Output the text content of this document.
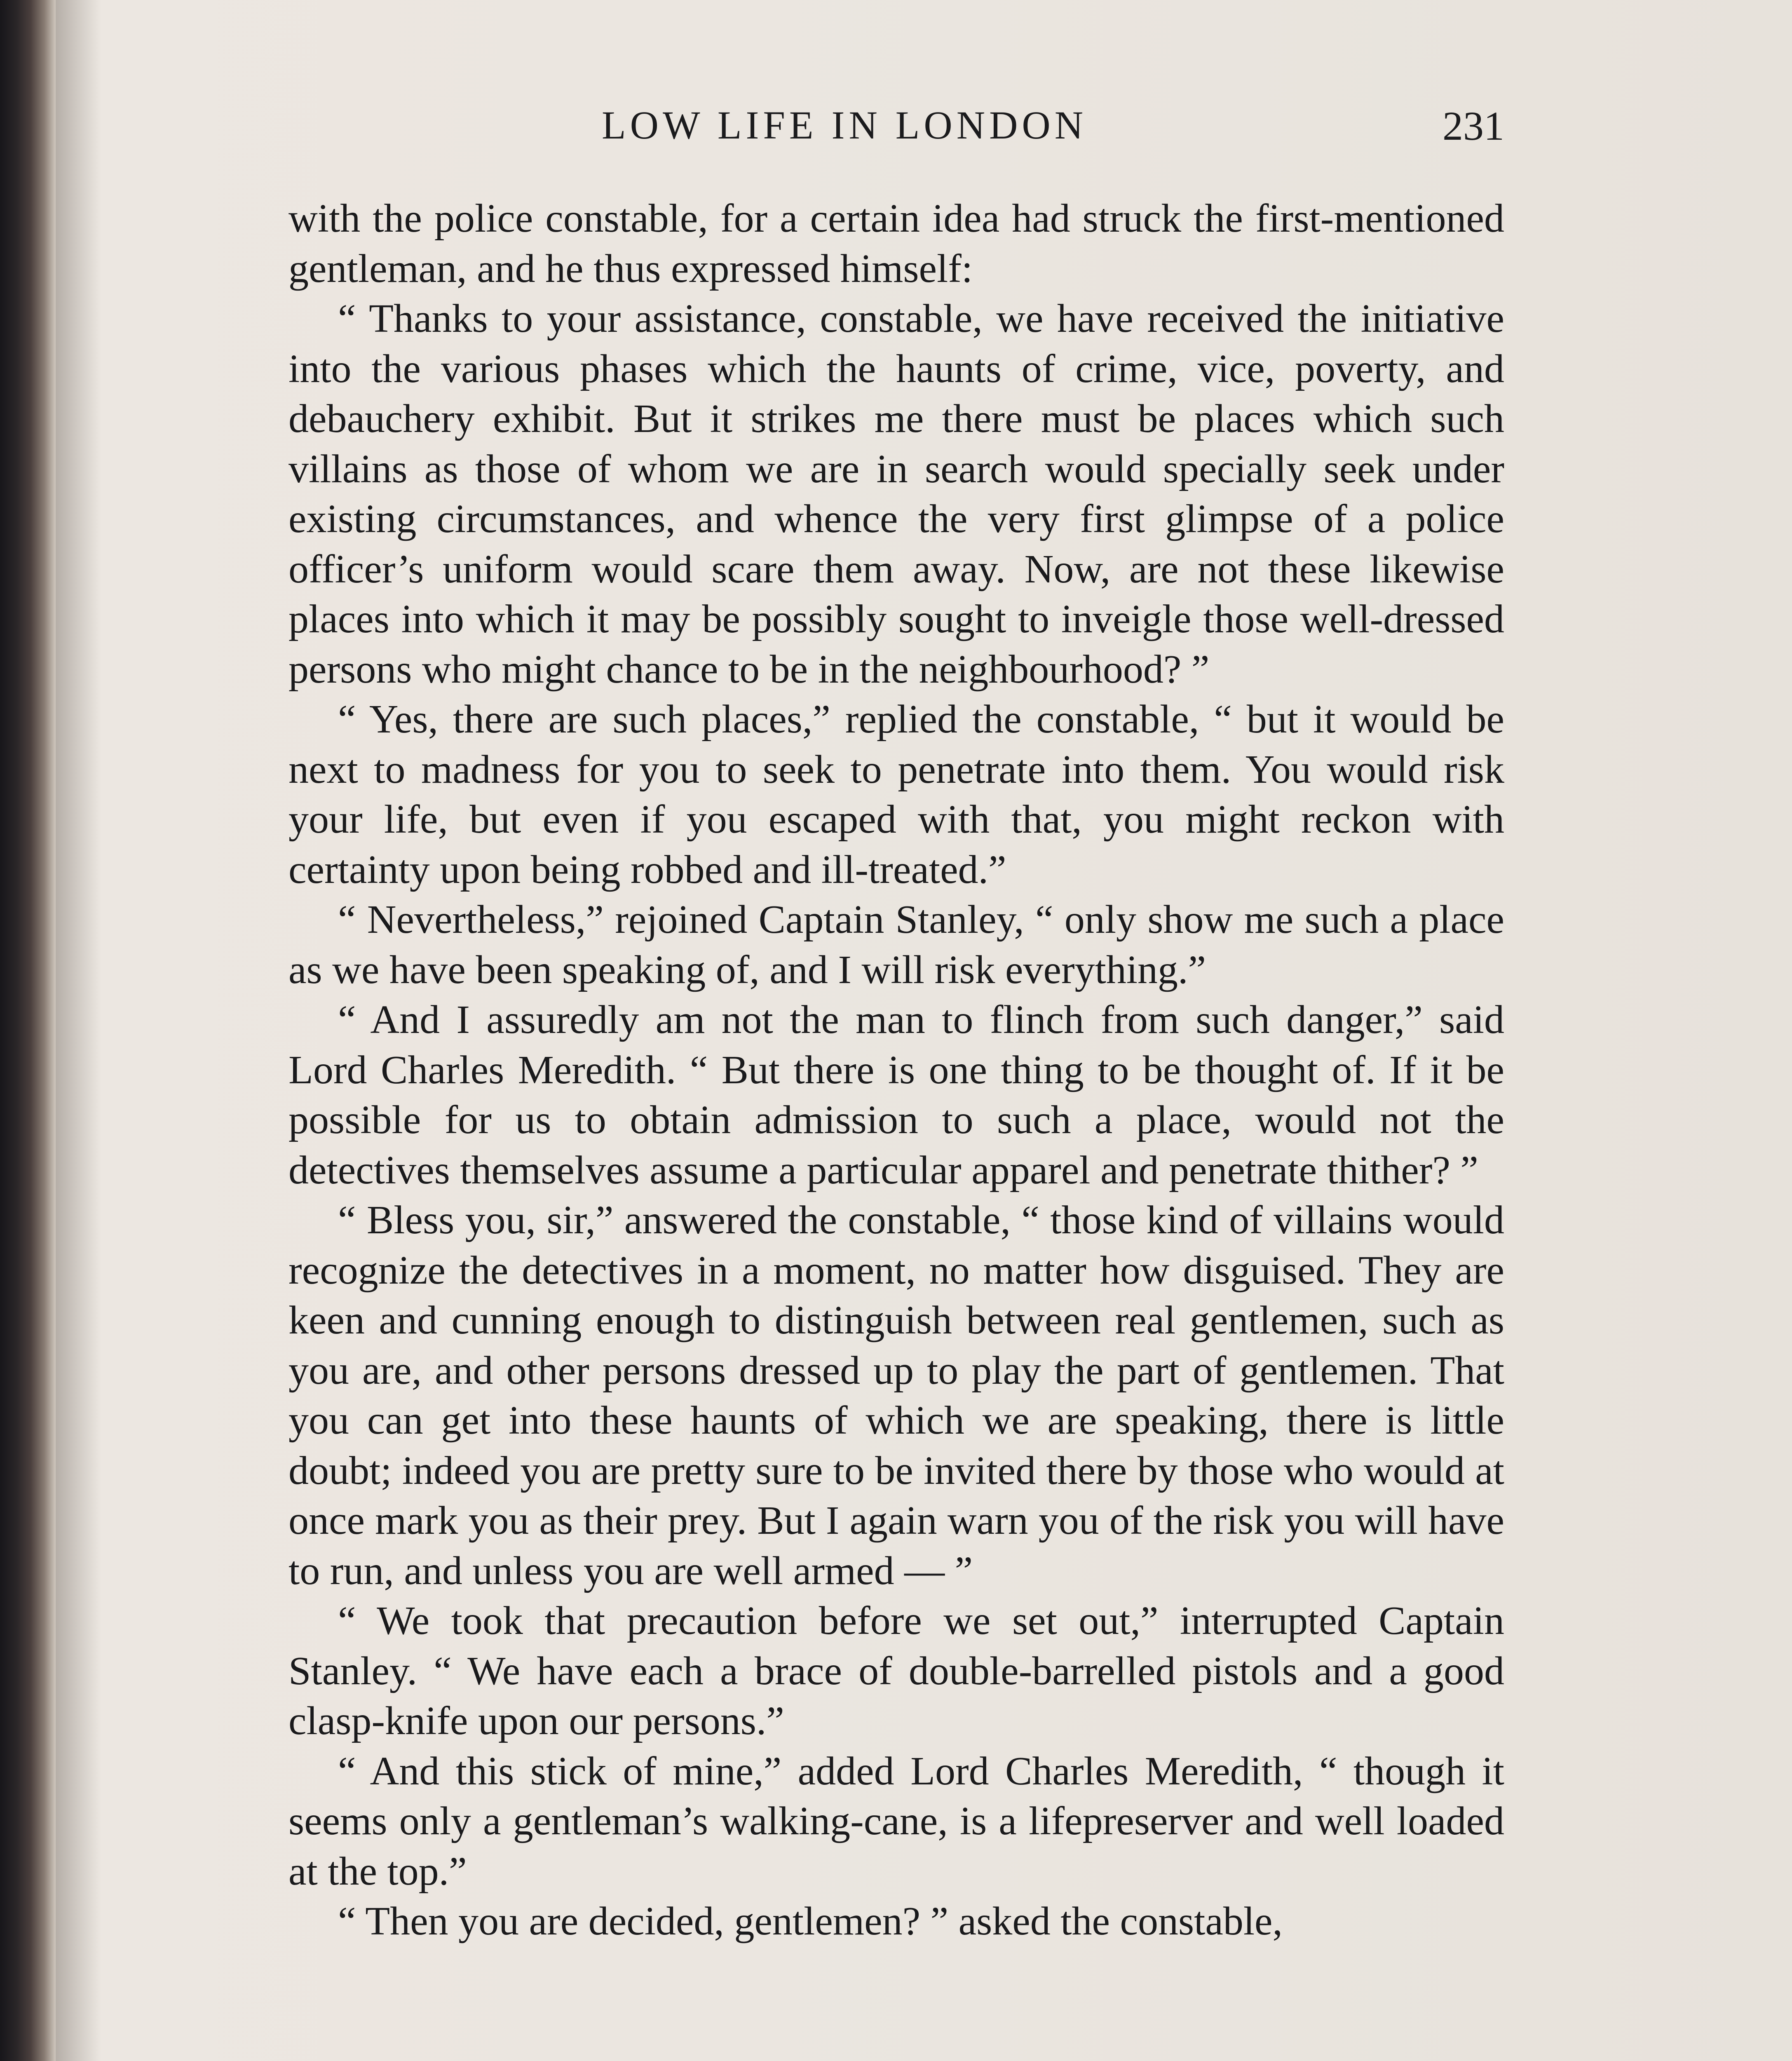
LOW LIFE IN LONDON	231

with the police constable, for a certain idea had struck the first-mentioned gentleman, and he thus expressed himself:

“ Thanks to your assistance, constable, we have received the initiative into the various phases which the haunts of crime, vice, poverty, and debauchery exhibit. But it strikes me there must be places which such villains as those of whom we are in search would specially seek under existing circumstances, and whence the very first glimpse of a police officer’s uniform would scare them away. Now, are not these likewise places into which it may be possibly sought to inveigle those well-dressed persons who might chance to be in the neighbourhood? ”

“ Yes, there are such places,” replied the constable, “ but it would be next to madness for you to seek to penetrate into them. You would risk your life, but even if you escaped with that, you might reckon with certainty upon being robbed and ill-treated.”

“ Nevertheless,” rejoined Captain Stanley, “ only show me such a place as we have been speaking of, and I will risk everything.”

“ And I assuredly am not the man to flinch from such danger,” said Lord Charles Meredith. “ But there is one thing to be thought of. If it be possible for us to obtain admission to such a place, would not the detectives themselves assume a particular apparel and penetrate thither? ”

“ Bless you, sir,” answered the constable, “ those kind of villains would recognize the detectives in a moment, no matter how disguised. They are keen and cunning enough to distinguish between real gentlemen, such as you are, and other persons dressed up to play the part of gentlemen. That you can get into these haunts of which we are speaking, there is little doubt; indeed you are pretty sure to be invited there by those who would at once mark you as their prey. But I again warn you of the risk you will have to run, and unless you are well armed — ”

“ We took that precaution before we set out,” interrupted Captain Stanley. “ We have each a brace of double-barrelled pistols and a good clasp-knife upon our persons.”

“ And this stick of mine,” added Lord Charles Meredith, “ though it seems only a gentleman’s walking-cane, is a lifepreserver and well loaded at the top.”

“ Then you are decided, gentlemen? ” asked the constable,
